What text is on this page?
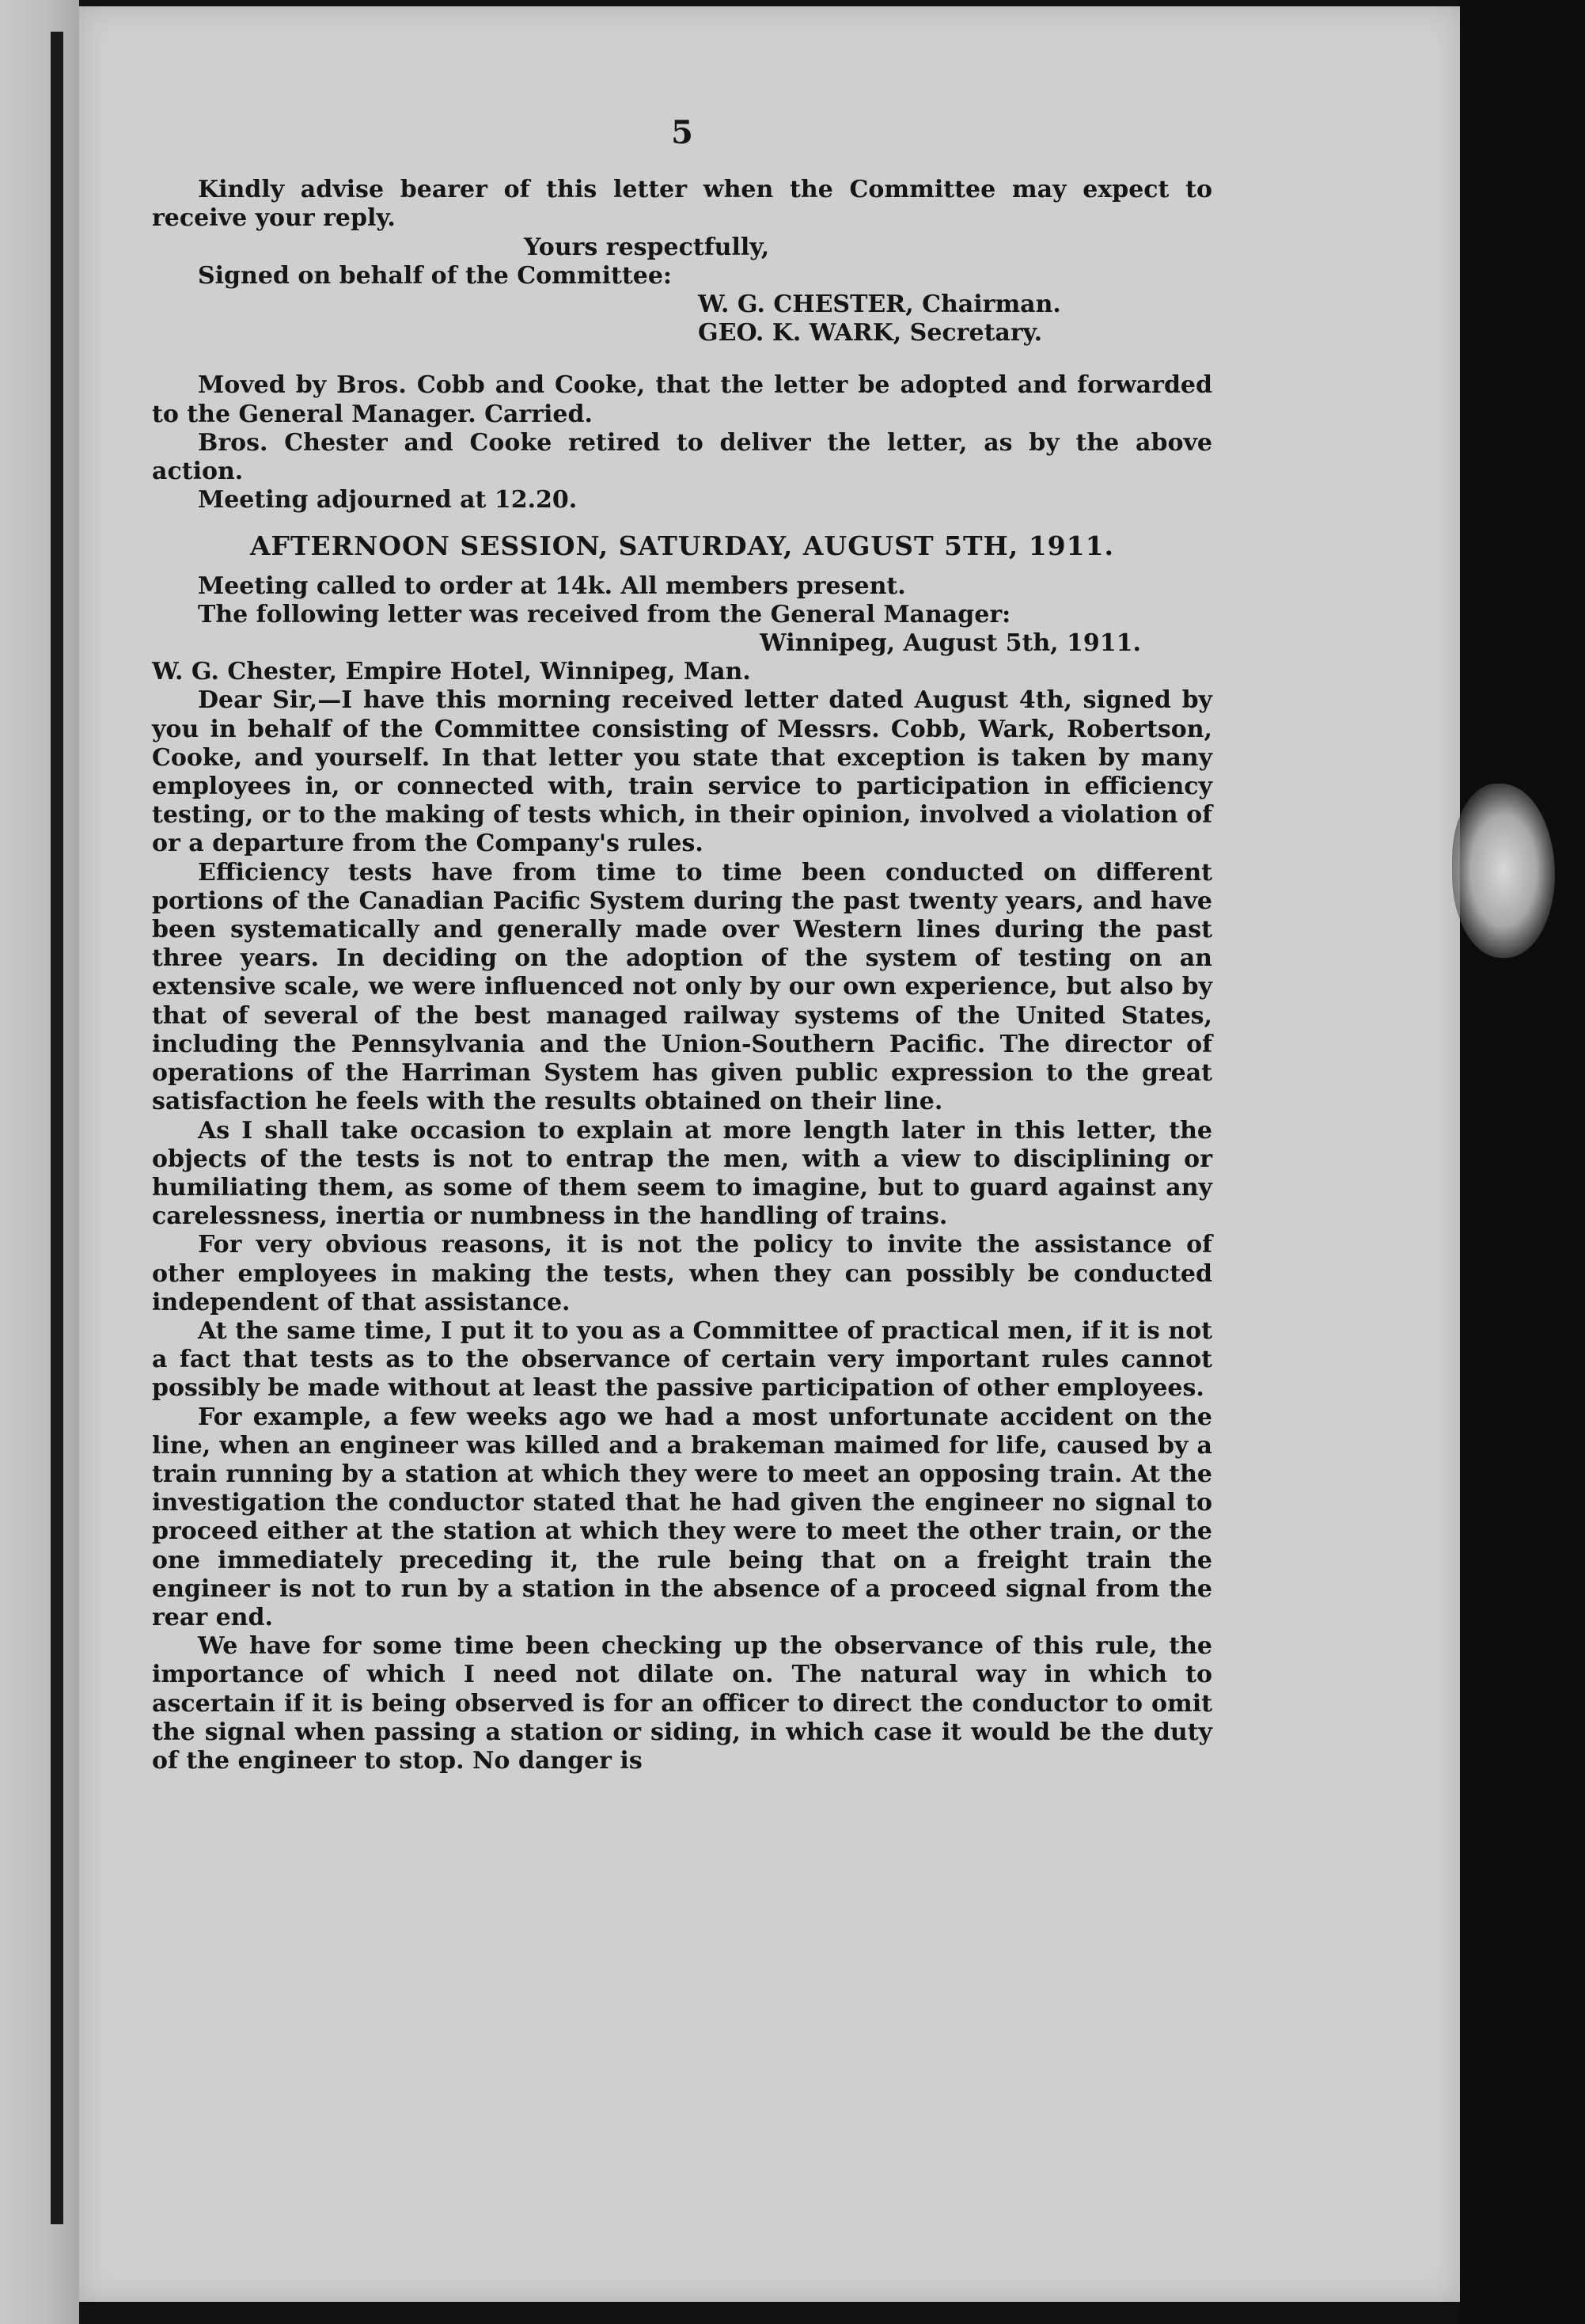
5

Kindly advise bearer of this letter when the Committee may expect to receive your reply.

Yours respectfully,

Signed on behalf of the Committee:

W. G. CHESTER, Chairman.

GEO. K. WARK, Secretary.

Moved by Bros. Cobb and Cooke, that the letter be adopted and forwarded to the General Manager. Carried.

Bros. Chester and Cooke retired to deliver the letter, as by the above action.

Meeting adjourned at 12.20.

AFTERNOON SESSION, SATURDAY, AUGUST 5TH, 1911.

Meeting called to order at 14k. All members present.

The following letter was received from the General Manager:

Winnipeg, August 5th, 1911.

W. G. Chester, Empire Hotel, Winnipeg, Man.

Dear Sir,—I have this morning received letter dated August 4th, signed by you in behalf of the Committee consisting of Messrs. Cobb, Wark, Robertson, Cooke, and yourself. In that letter you state that exception is taken by many employees in, or connected with, train service to participation in efficiency testing, or to the making of tests which, in their opinion, involved a violation of or a departure from the Company's rules.

Efficiency tests have from time to time been conducted on different portions of the Canadian Pacific System during the past twenty years, and have been systematically and generally made over Western lines during the past three years. In deciding on the adoption of the system of testing on an extensive scale, we were influenced not only by our own experience, but also by that of several of the best managed railway systems of the United States, including the Pennsylvania and the Union-Southern Pacific. The director of operations of the Harriman System has given public expression to the great satisfaction he feels with the results obtained on their line.

As I shall take occasion to explain at more length later in this letter, the objects of the tests is not to entrap the men, with a view to disciplining or humiliating them, as some of them seem to imagine, but to guard against any carelessness, inertia or numbness in the handling of trains.

For very obvious reasons, it is not the policy to invite the assistance of other employees in making the tests, when they can possibly be conducted independent of that assistance.

At the same time, I put it to you as a Committee of practical men, if it is not a fact that tests as to the observance of certain very important rules cannot possibly be made without at least the passive participation of other employees.

For example, a few weeks ago we had a most unfortunate accident on the line, when an engineer was killed and a brakeman maimed for life, caused by a train running by a station at which they were to meet an opposing train. At the investigation the conductor stated that he had given the engineer no signal to proceed either at the station at which they were to meet the other train, or the one immediately preceding it, the rule being that on a freight train the engineer is not to run by a station in the absence of a proceed signal from the rear end.

We have for some time been checking up the observance of this rule, the importance of which I need not dilate on. The natural way in which to ascertain if it is being observed is for an officer to direct the conductor to omit the signal when passing a station or siding, in which case it would be the duty of the engineer to stop. No danger is
